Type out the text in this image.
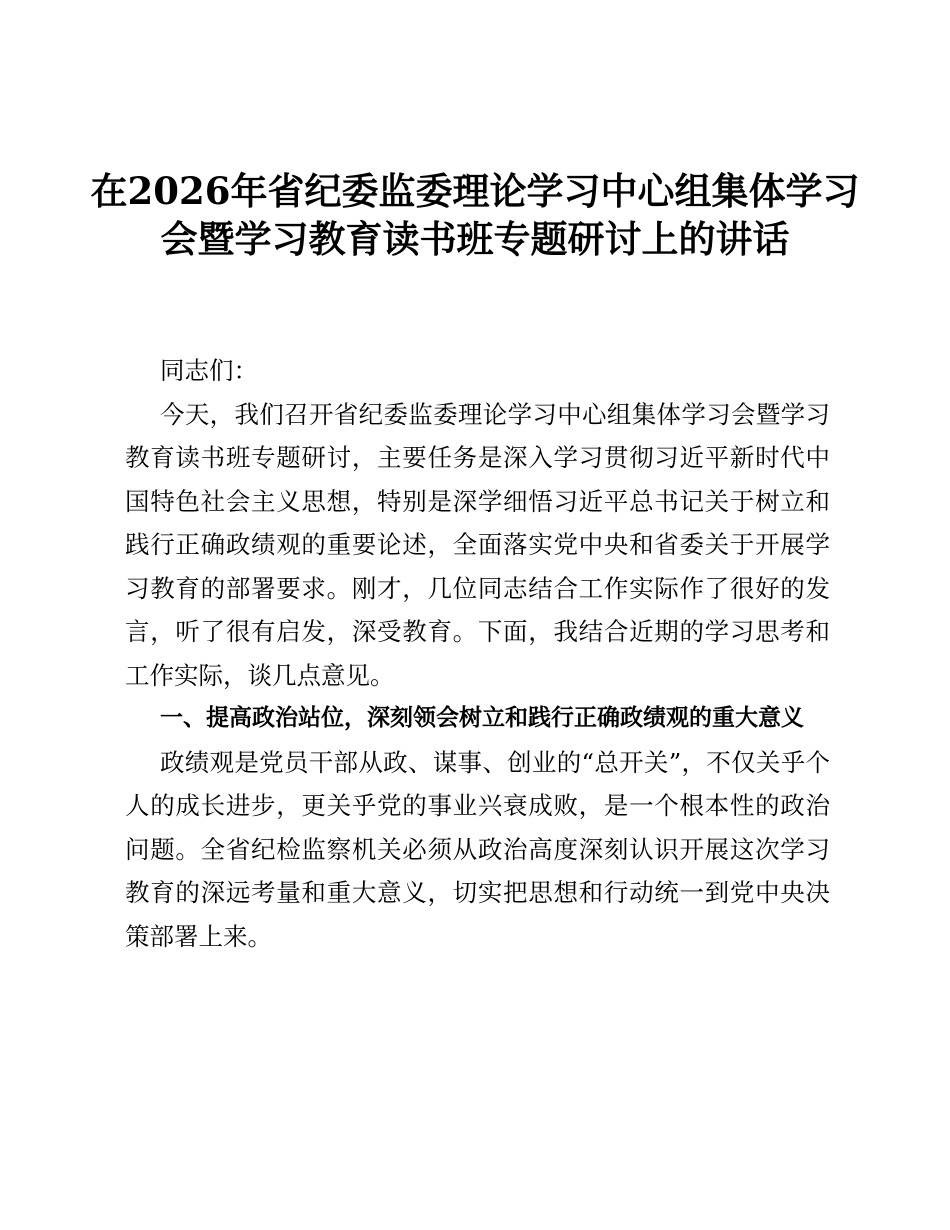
在2026年省纪委监委理论学习中心组集体学习
会暨学习教育读书班专题研讨上的讲话

同志们：

今天，我们召开省纪委监委理论学习中心组集体学习会暨学习教育读书班专题研讨，主要任务是深入学习贯彻习近平新时代中国特色社会主义思想，特别是深学细悟习近平总书记关于树立和践行正确政绩观的重要论述，全面落实党中央和省委关于开展学习教育的部署要求。刚才，几位同志结合工作实际作了很好的发言，听了很有启发，深受教育。下面，我结合近期的学习思考和工作实际，谈几点意见。

一、提高政治站位，深刻领会树立和践行正确政绩观的重大意义

政绩观是党员干部从政、谋事、创业的“总开关”，不仅关乎个人的成长进步，更关乎党的事业兴衰成败，是一个根本性的政治问题。全省纪检监察机关必须从政治高度深刻认识开展这次学习教育的深远考量和重大意义，切实把思想和行动统一到党中央决策部署上来。
